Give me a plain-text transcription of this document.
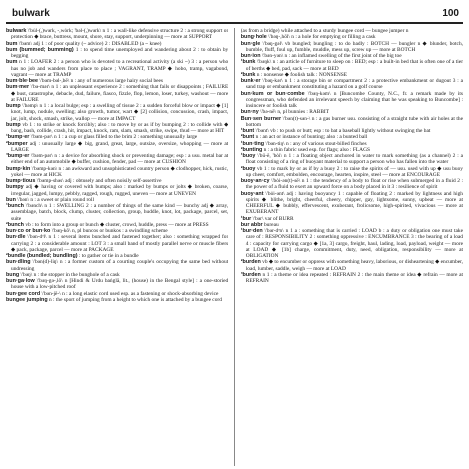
bulwark	100

bulwark \'bu̇l-(,)wərk, -,wȯrk; 'bəl-(,)wərk\ n 1 : a wall-like defensive structure 2 : a strong support or protection ◆ brace, buttress, mount, shore, stay, support, underpinning — more at SUPPORT

bum \'bəm\ adj 1 : of poor quality (~ advice) 2 : DISABLED (a ~ knee)

bum (bummed; bumming) 1 : to spend time unemployed and wandering about 2 : to obtain by begging

bum n 1 : LOAFER 2 : a person who is devoted to a recreational activity (a ski ~) 3 : a person who has no job and wanders from place to place ; VAGRANT, TRAMP ◆ hobo, tramp, vagabond, vagrant — more at TRAMP

bum·ble·bee \'bəm-bəl-,bē\ n : any of numerous large hairy social bees

bum·mer \'bə-mər\ n 1 : an unpleasant experience 2 : something that fails or disappoints ; FAILURE ◆ bust, catastrophe, debacle, dud, failure, fiasco, fizzle, flop, lemon, loser, turkey, washout — more at FAILURE

bump \'bəmp\ n 1 : a local bulge; esp : a swelling of tissue 2 : a sudden forceful blow or impact ◆ [1] knot, lump, nodule, swelling; also growth, tumor, wart ◆ [2] collision, concussion, crash, impact, jar, jolt, shock, smash, strike, wallop — more at IMPACT

bump vb 1 : to strike or knock forcibly; also : to move by or as if by bumping 2 : to collide with ◆ bang, bash, collide, crash, hit, impact, knock, ram, slam, smash, strike, swipe, thud — more at HIT

¹bump·er \'bəm-pər\ n 1 : a cup or glass filled to the brim 2 : something unusually large

²bumper adj : unusually large ◆ big, grand, great, large, outsize, oversize, whopping — more at LARGE

³bump·er \'bəm-pər\ n : a device for absorbing shock or preventing damage; esp : a usu. metal bar at either end of an automobile ◆ buffer, cushion, fender, pad — more at CUSHION

bump·kin \'bəmp-kən\ n : an awkward and unsophisticated country person ◆ clodhopper, hick, rustic, yokel — more at HICK

bump·tious \'bəmp-shəs\ adj : obtusely and often noisily self-assertive

bumpy adj ◆ having or covered with bumps; also : marked by bumps or jolts ◆ broken, coarse, irregular, jagged, lumpy, pebbly, ragged, rough, rugged, uneven — more at UNEVEN

bun \'bən\ n : a sweet or plain round roll

¹bunch \'bənch\ n 1 : SWELLING 2 : a number of things of the same kind — bunchy adj ◆ array, assemblage, batch, block, clump, cluster, collection, group, huddle, knot, lot, package, parcel, set, suite

²bunch vb : to form into a group or bunch ◆ cluster, crowd, huddle, press — more at PRESS

bun·co or bun·ko \'bəŋ-kō\ n, pl buncos or bunkos : a swindling scheme

bun·dle \'bən-dᵊl\ n 1 : several items bunched and fastened together; also : something wrapped for carrying 2 : a considerable amount : LOT 3 : a small band of mostly parallel nerve or muscle fibers ◆ pack, package, parcel — more at PACKAGE

²bundle (bundled; bundling) : to gather or tie in a bundle

bun·dling \'bən(d)-liŋ\ n : a former custom of a courting couple's occupying the same bed without undressing

bung \'bəŋ\ n : the stopper in the bunghole of a cask

bun·ga·low \'bəŋ-gə-,lō\ n [Hindi & Urdu baṅglā, lit., (house) in the Bengal style] : a one-storied house with a low-pitched roof

bun·gee cord \'bən-jē-\ n : a long elastic cord used esp. as a fastening or shock-absorbing device

bungee jumping n : the sport of jumping from a height to which one is attached by a bungee cord

(as from a bridge) while attached to a sturdy bungee cord — bungee jumper n

bung·hole \'bəŋ-,hōl\ n : a hole for emptying or filling a cask

bun·gle \'bəŋ-gəl\ vb bungled; bungling : to do badly : BOTCH — bungler n ◆ blunder, botch, bumble, fluff, foul up, fumble, muddle, mess up, screw up — more at BOTCH

bun·ion \'bən-yən\ n : an inflamed swelling of the first joint of the big toe

¹bunk \'bəŋk\ n : an article of furniture to sleep on : BED; esp : a built-in bed that is often one of a tier of berths ◆ bed, pad, sack — more at BED

²bunk n : nonsense ◆ foolish talk : NONSENSE

bunk·er \'bəŋ-kər\ n 1 : a storage bin or compartment 2 : a protective embankment or dugout 3 : a sand trap or embankment constituting a hazard on a golf course

bun·kum or bun·combe \'bəŋ-kəm\ n [Buncombe County, N.C., fr. a remark made by its congressman, who defended an irrelevant speech by claiming that he was speaking to Buncombe] : insincere or foolish talk

bun·ny \'bə-nē\ n, pl bunnies : RABBIT

Bun·sen burner \'bən(t)-sən-\ n : a gas burner usu. consisting of a straight tube with air holes at the bottom

¹bunt \'bənt\ vb : to push or butt; esp : to bat a baseball lightly without swinging the bat

²bunt n : an act or instance of bunting; also : a bunted ball

¹bun·ting \'bən-tiŋ\ n : any of various stout-billed finches

²bunting n : a thin fabric used esp. for flags; also : FLAGS

¹buoy \'bü-ē, 'bȯi\ n 1 : a floating object anchored in water to mark something (as a channel) 2 : a float consisting of a ring of buoyant material to support a person who has fallen into the water

²buoy vb 1 : to mark by or as if by a buoy 2 : to raise the spirits of — usu. used with up ◆ usu buoy up cheer, comfort, embolden, encourage, hearten, inspire, steel — more at ENCOURAGE

buoy·an·cy \'bȯi-ən(t)-sē\ n 1 : the tendency of a body to float or rise when submerged in a fluid 2 : the power of a fluid to exert an upward force on a body placed in it 3 : resilience of spirit

buoy·ant \'bȯi-ənt\ adj : having buoyancy 1 : capable of floating 2 : marked by lightness and high spirits ◆ blithe, bright, cheerful, cheery, chipper, gay, lightsome, sunny, upbeat — more at CHEERFUL ◆ bubbly, effervescent, exuberant, frolicsome, high-spirited, vivacious — more at EXUBERANT

¹bur \'bər\ var of BURR

bur abbr bureau

¹bur·den \'bər-dᵊn\ n 1 a : something that is carried : LOAD b : a duty or obligation one must take care of : RESPONSIBILITY 2 : something oppressive : ENCUMBRANCE 3 : the bearing of a load 4 : capacity for carrying cargo ◆ [1a, 3] cargo, freight, haul, lading, load, payload, weight — more at LOAD ◆ [1b] charge, commitment, duty, need, obligation, responsibility — more at OBLIGATION

²burden vb ◆ to encumber or oppress with something heavy, laborious, or disheartening ◆ encumber, load, lumber, saddle, weigh — more at LOAD

³burden n 1 : a theme or idea repeated : REFRAIN 2 : the main theme or idea ◆ refrain — more at REFRAIN
